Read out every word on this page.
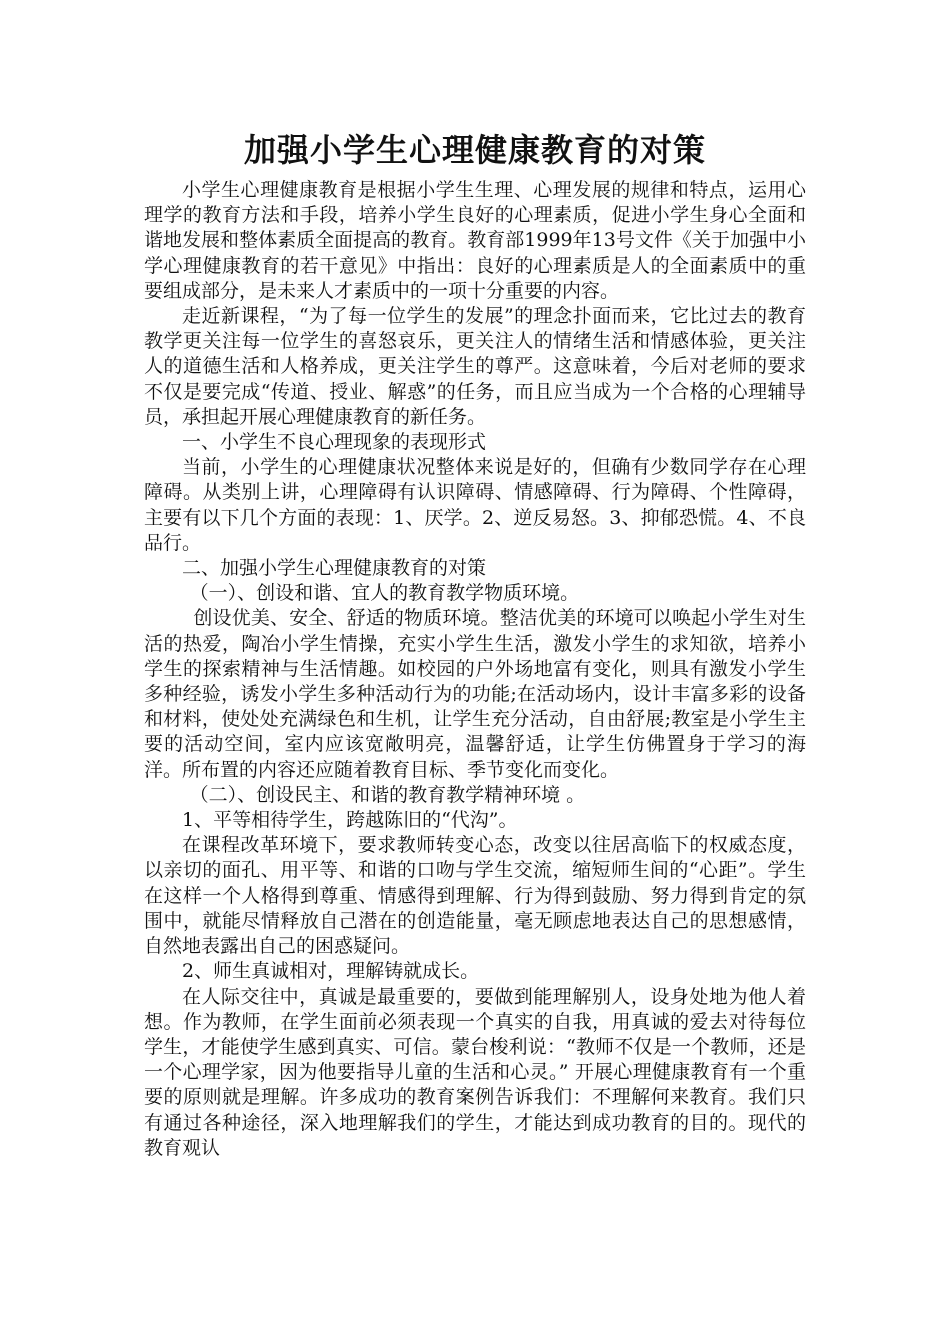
加强小学生心理健康教育的对策

小学生心理健康教育是根据小学生生理、心理发展的规律和特点，运用心理学的教育方法和手段，培养小学生良好的心理素质，促进小学生身心全面和谐地发展和整体素质全面提高的教育。教育部1999年13号文件《关于加强中小学心理健康教育的若干意见》中指出：良好的心理素质是人的全面素质中的重要组成部分，是未来人才素质中的一项十分重要的内容。

走近新课程，“为了每一位学生的发展”的理念扑面而来，它比过去的教育教学更关注每一位学生的喜怒哀乐，更关注人的情绪生活和情感体验，更关注人的道德生活和人格养成，更关注学生的尊严。这意味着，今后对老师的要求不仅是要完成“传道、授业、解惑”的任务，而且应当成为一个合格的心理辅导员，承担起开展心理健康教育的新任务。

一、小学生不良心理现象的表现形式

当前，小学生的心理健康状况整体来说是好的，但确有少数同学存在心理障碍。从类别上讲，心理障碍有认识障碍、情感障碍、行为障碍、个性障碍，主要有以下几个方面的表现：1、厌学。2、逆反易怒。3、抑郁恐慌。4、不良品行。

二、加强小学生心理健康教育的对策

（一）、创设和谐、宜人的教育教学物质环境。

创设优美、安全、舒适的物质环境。整洁优美的环境可以唤起小学生对生活的热爱，陶冶小学生情操，充实小学生生活，激发小学生的求知欲，培养小学生的探索精神与生活情趣。如校园的户外场地富有变化，则具有激发小学生多种经验，诱发小学生多种活动行为的功能;在活动场内，设计丰富多彩的设备和材料，使处处充满绿色和生机，让学生充分活动，自由舒展;教室是小学生主要的活动空间，室内应该宽敞明亮，温馨舒适，让学生仿佛置身于学习的海洋。所布置的内容还应随着教育目标、季节变化而变化。

（二）、创设民主、和谐的教育教学精神环境 。

1、平等相待学生，跨越陈旧的“代沟”。

在课程改革环境下，要求教师转变心态，改变以往居高临下的权威态度，以亲切的面孔、用平等、和谐的口吻与学生交流，缩短师生间的“心距”。学生在这样一个人格得到尊重、情感得到理解、行为得到鼓励、努力得到肯定的氛围中，就能尽情释放自己潜在的创造能量，毫无顾虑地表达自己的思想感情，自然地表露出自己的困惑疑问。

2、师生真诚相对，理解铸就成长。

在人际交往中，真诚是最重要的，要做到能理解别人，设身处地为他人着想。作为教师，在学生面前必须表现一个真实的自我，用真诚的爱去对待每位学生，才能使学生感到真实、可信。蒙台梭利说：“教师不仅是一个教师，还是一个心理学家，因为他要指导儿童的生活和心灵。” 开展心理健康教育有一个重要的原则就是理解。许多成功的教育案例告诉我们：不理解何来教育。我们只有通过各种途径，深入地理解我们的学生，才能达到成功教育的目的。现代的教育观认
